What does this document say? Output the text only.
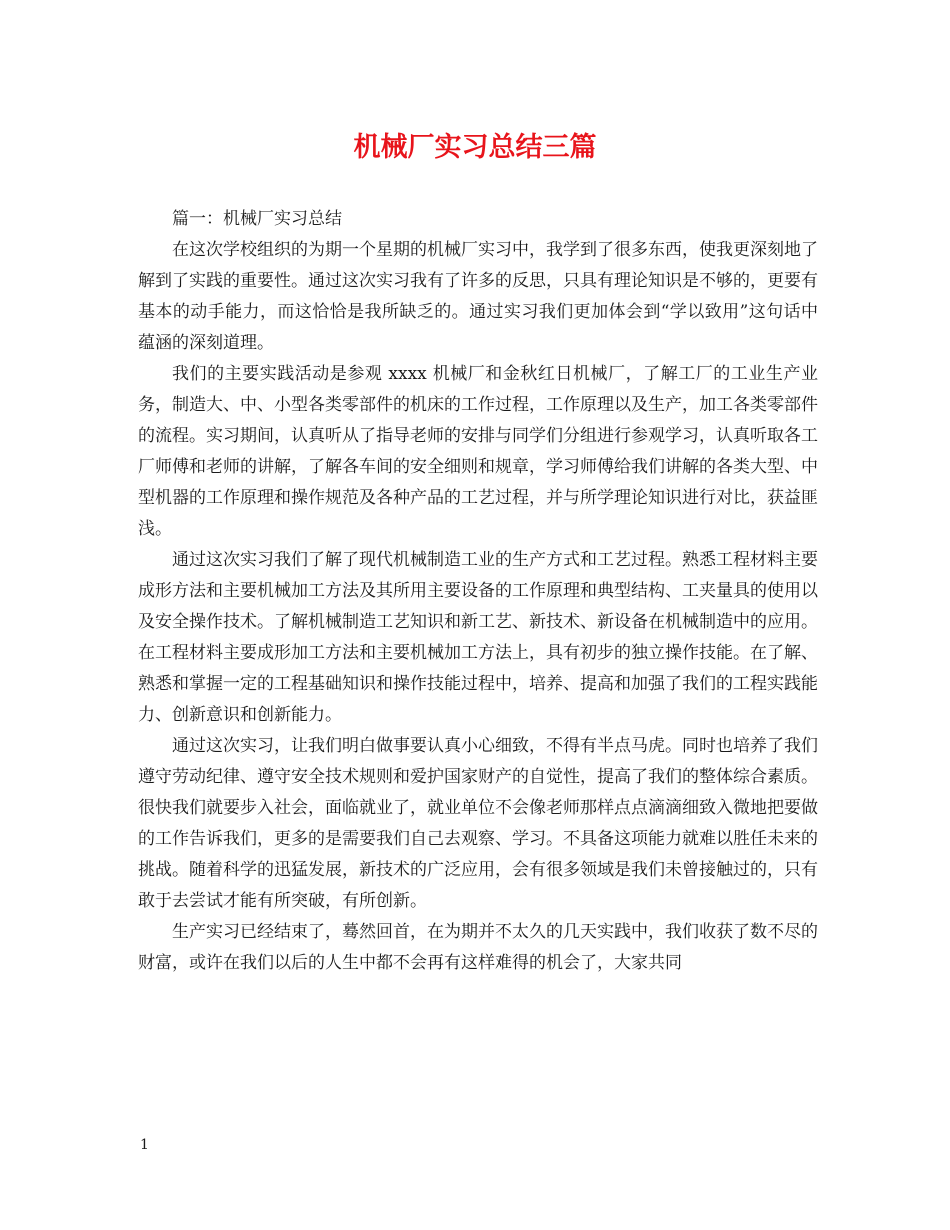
机械厂实习总结三篇

篇一：机械厂实习总结

在这次学校组织的为期一个星期的机械厂实习中，我学到了很多东西，使我更深刻地了解到了实践的重要性。通过这次实习我有了许多的反思，只具有理论知识是不够的，更要有基本的动手能力，而这恰恰是我所缺乏的。通过实习我们更加体会到“学以致用”这句话中蕴涵的深刻道理。

我们的主要实践活动是参观 xxxx 机械厂和金秋红日机械厂，了解工厂的工业生产业务，制造大、中、小型各类零部件的机床的工作过程，工作原理以及生产，加工各类零部件的流程。实习期间，认真听从了指导老师的安排与同学们分组进行参观学习，认真听取各工厂师傅和老师的讲解，了解各车间的安全细则和规章，学习师傅给我们讲解的各类大型、中型机器的工作原理和操作规范及各种产品的工艺过程，并与所学理论知识进行对比，获益匪浅。

通过这次实习我们了解了现代机械制造工业的生产方式和工艺过程。熟悉工程材料主要成形方法和主要机械加工方法及其所用主要设备的工作原理和典型结构、工夹量具的使用以及安全操作技术。了解机械制造工艺知识和新工艺、新技术、新设备在机械制造中的应用。在工程材料主要成形加工方法和主要机械加工方法上，具有初步的独立操作技能。在了解、熟悉和掌握一定的工程基础知识和操作技能过程中，培养、提高和加强了我们的工程实践能力、创新意识和创新能力。

通过这次实习，让我们明白做事要认真小心细致，不得有半点马虎。同时也培养了我们遵守劳动纪律、遵守安全技术规则和爱护国家财产的自觉性，提高了我们的整体综合素质。很快我们就要步入社会，面临就业了，就业单位不会像老师那样点点滴滴细致入微地把要做的工作告诉我们，更多的是需要我们自己去观察、学习。不具备这项能力就难以胜任未来的挑战。随着科学的迅猛发展，新技术的广泛应用，会有很多领域是我们未曾接触过的，只有敢于去尝试才能有所突破，有所创新。

生产实习已经结束了，蓦然回首，在为期并不太久的几天实践中，我们收获了数不尽的财富，或许在我们以后的人生中都不会再有这样难得的机会了，大家共同

1
